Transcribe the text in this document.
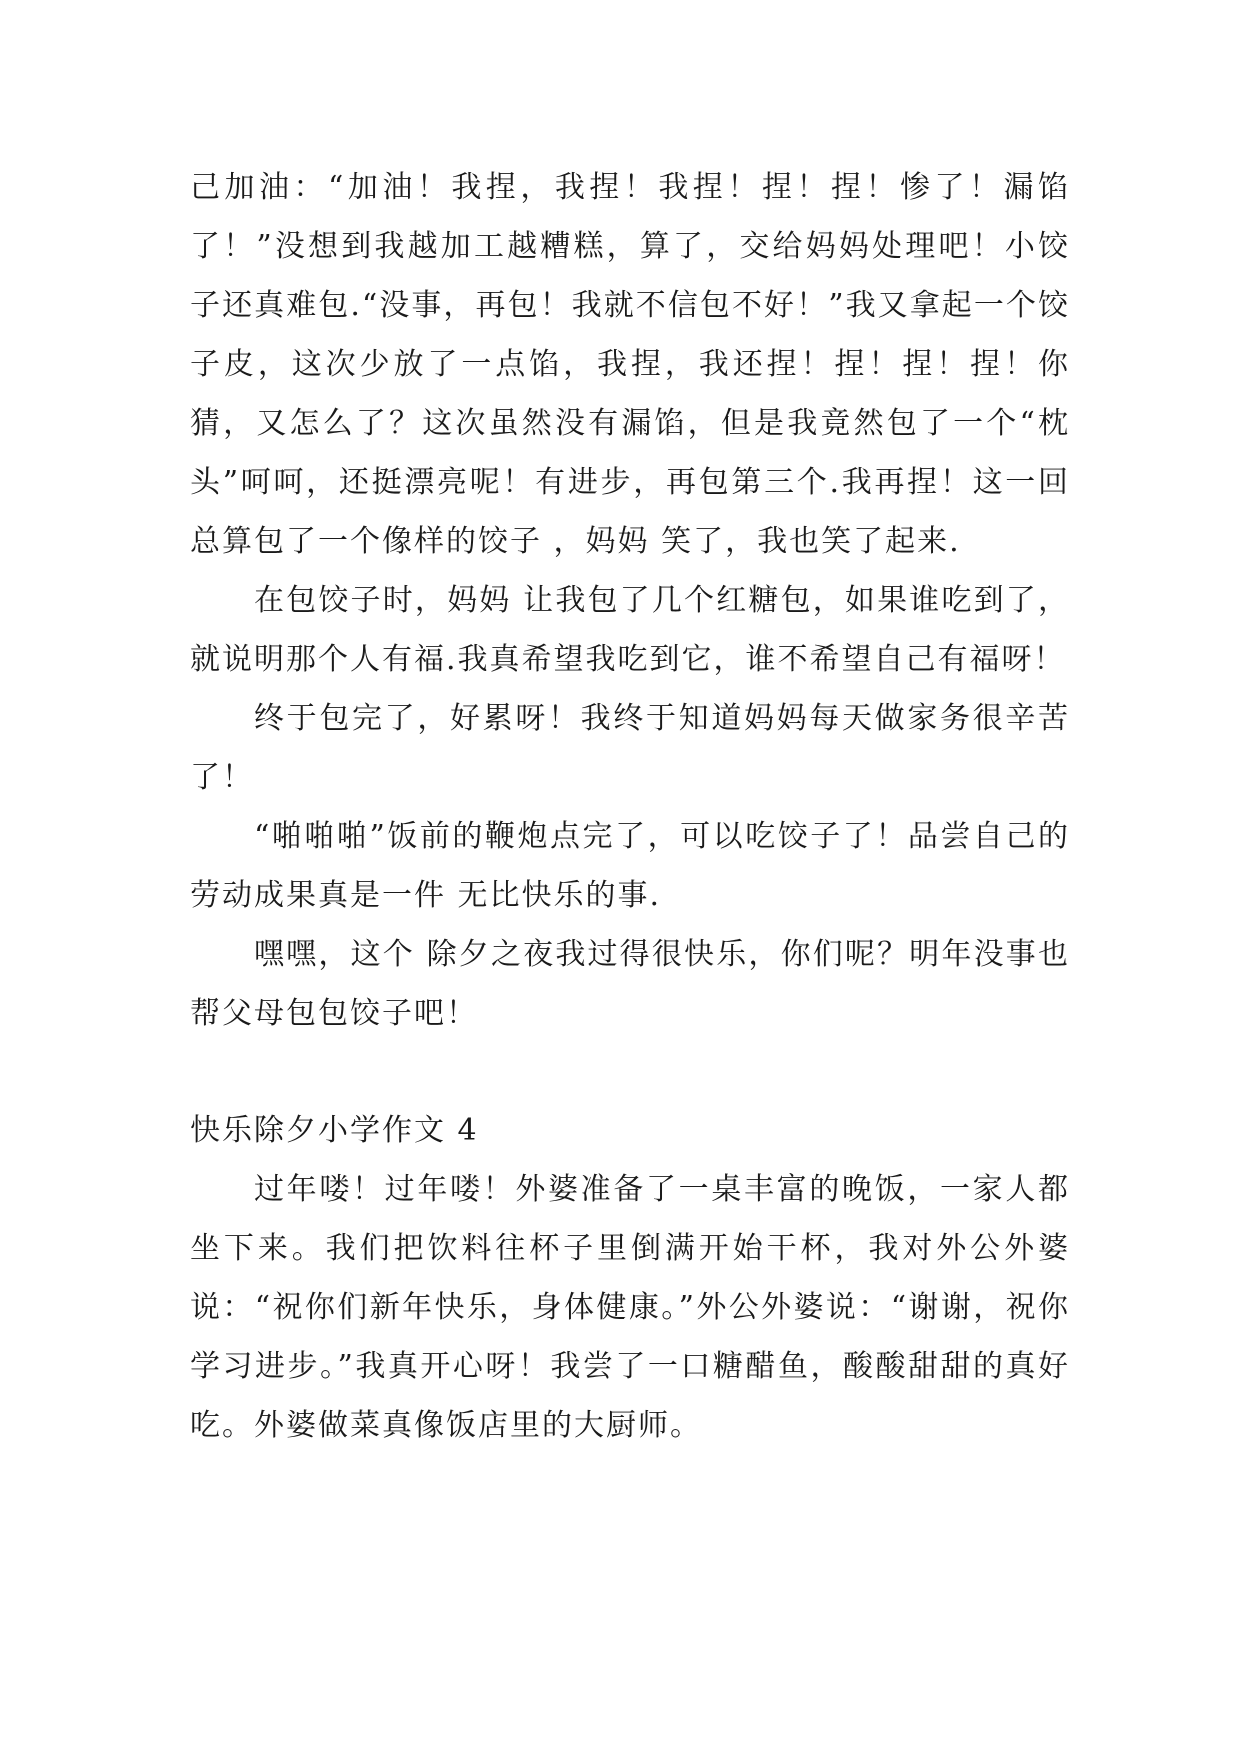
己加油：“加油！我捏，我捏！我捏！捏！捏！惨了！漏馅了！”没想到我越加工越糟糕，算了，交给妈妈处理吧！小饺子还真难包.“没事，再包！我就不信包不好！”我又拿起一个饺子皮，这次少放了一点馅，我捏，我还捏！捏！捏！捏！你猜，又怎么了？这次虽然没有漏馅，但是我竟然包了一个“枕头”呵呵，还挺漂亮呢！有进步，再包第三个.我再捏！这一回总算包了一个像样的饺子 ，妈妈 笑了，我也笑了起来.

在包饺子时，妈妈 让我包了几个红糖包，如果谁吃到了，就说明那个人有福.我真希望我吃到它，谁不希望自己有福呀！

终于包完了，好累呀！我终于知道妈妈每天做家务很辛苦了！

“啪啪啪”饭前的鞭炮点完了，可以吃饺子了！品尝自己的劳动成果真是一件 无比快乐的事.

嘿嘿，这个 除夕之夜我过得很快乐，你们呢？明年没事也帮父母包包饺子吧！

快乐除夕小学作文 4

过年喽！过年喽！外婆准备了一桌丰富的晚饭，一家人都坐下来。我们把饮料往杯子里倒满开始干杯，我对外公外婆说：“祝你们新年快乐，身体健康。”外公外婆说：“谢谢，祝你学习进步。”我真开心呀！我尝了一口糖醋鱼，酸酸甜甜的真好吃。外婆做菜真像饭店里的大厨师。
